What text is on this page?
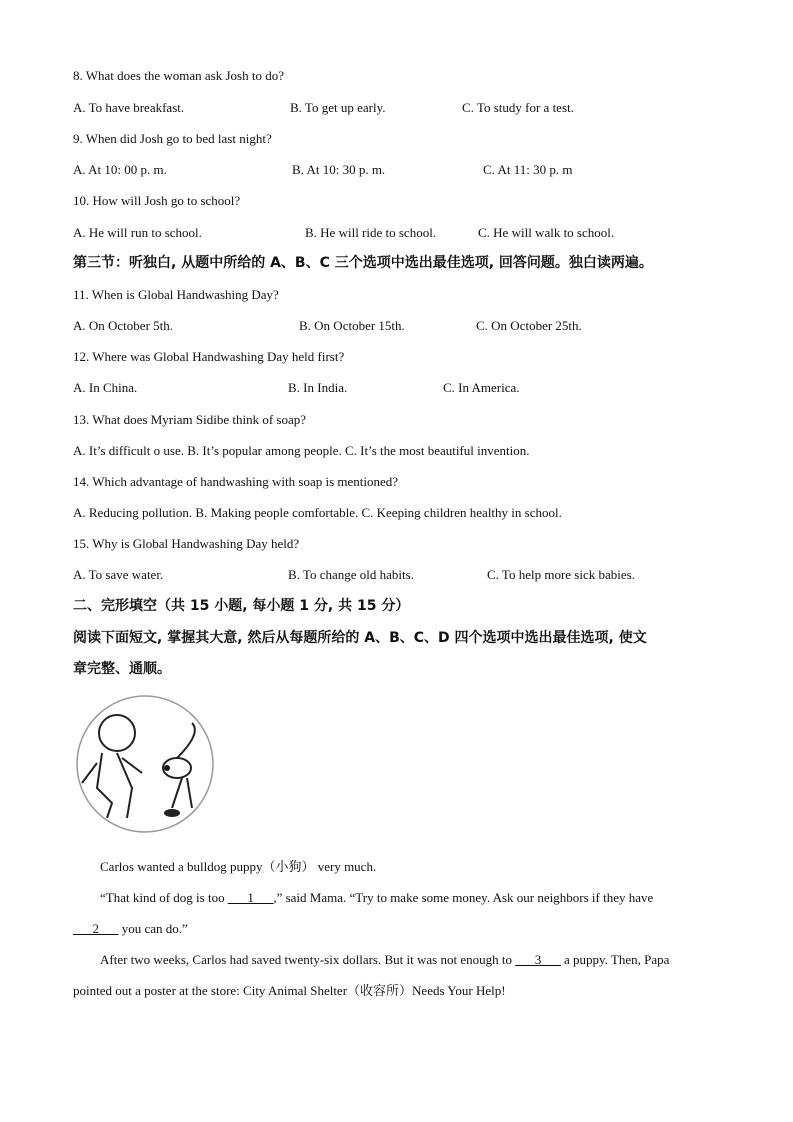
8. What does the woman ask Josh to do?
A. To have breakfast.	B. To get up early.	C. To study for a test.
9. When did Josh go to bed last night?
A. At 10: 00 p. m.	B. At 10: 30 p. m.	C. At 11: 30 p. m
10. How will Josh go to school?
A. He will run to school.	B. He will ride to school.	C. He will walk to school.
第三节：听独白, 从题中所给的 A、B、C 三个选项中选出最佳选项, 回答问题。独白读两遍。
11. When is Global Handwashing Day?
A. On October 5th.	B. On October 15th.	C. On October 25th.
12. Where was Global Handwashing Day held first?
A. In China.	B. In India.	C. In America.
13. What does Myriam Sidibe think of soap?
A. It’s difficult o use. B. It’s popular among people. C. It’s the most beautiful invention.
14. Which advantage of handwashing with soap is mentioned?
A. Reducing pollution. B. Making people comfortable. C. Keeping children healthy in school.
15. Why is Global Handwashing Day held?
A. To save water.	B. To change old habits.	C. To help more sick babies.
二、完形填空（共 15 小题, 每小题 1 分, 共 15 分）
阅读下面短文, 掌握其大意, 然后从每题所给的 A、B、C、D 四个选项中选出最佳选项, 使文
章完整、通顺。
Carlos wanted a bulldog puppy（小狗） very much.
“That kind of dog is too ___1___,” said Mama. “Try to make some money. Ask our neighbors if they have
___2___ you can do.”
After two weeks, Carlos had saved twenty-six dollars. But it was not enough to ___3___ a puppy. Then, Papa
pointed out a poster at the store: City Animal Shelter（收容所）Needs Your Help!
